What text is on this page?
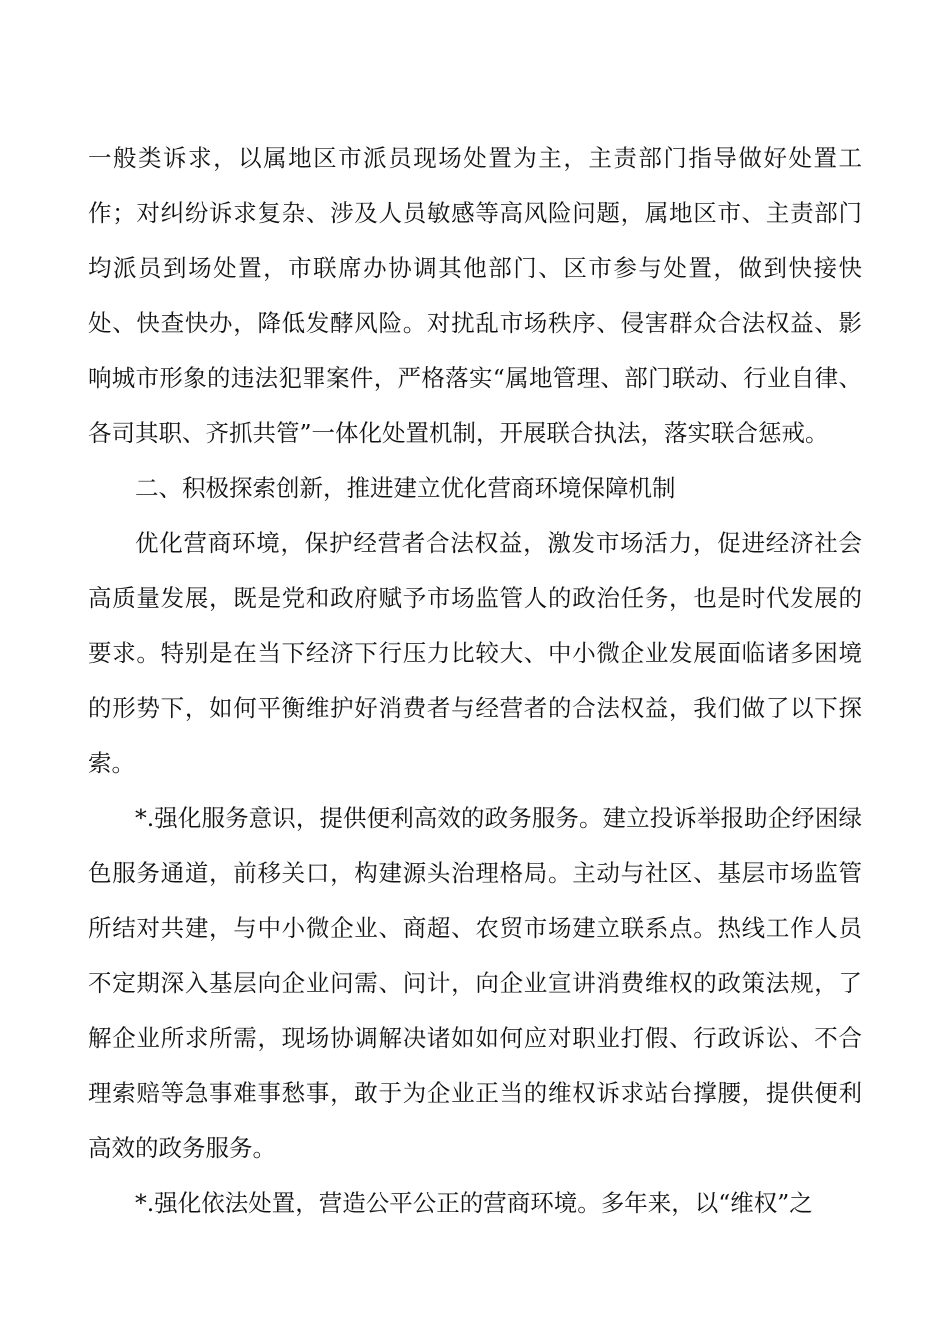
一般类诉求，以属地区市派员现场处置为主，主责部门指导做好处置工作；对纠纷诉求复杂、涉及人员敏感等高风险问题，属地区市、主责部门均派员到场处置，市联席办协调其他部门、区市参与处置，做到快接快处、快查快办，降低发酵风险。对扰乱市场秩序、侵害群众合法权益、影响城市形象的违法犯罪案件，严格落实“属地管理、部门联动、行业自律、各司其职、齐抓共管”一体化处置机制，开展联合执法，落实联合惩戒。

二、积极探索创新，推进建立优化营商环境保障机制

优化营商环境，保护经营者合法权益，激发市场活力，促进经济社会高质量发展，既是党和政府赋予市场监管人的政治任务，也是时代发展的要求。特别是在当下经济下行压力比较大、中小微企业发展面临诸多困境的形势下，如何平衡维护好消费者与经营者的合法权益，我们做了以下探索。

*.强化服务意识，提供便利高效的政务服务。建立投诉举报助企纾困绿色服务通道，前移关口，构建源头治理格局。主动与社区、基层市场监管所结对共建，与中小微企业、商超、农贸市场建立联系点。热线工作人员不定期深入基层向企业问需、问计，向企业宣讲消费维权的政策法规，了解企业所求所需，现场协调解决诸如如何应对职业打假、行政诉讼、不合理索赔等急事难事愁事，敢于为企业正当的维权诉求站台撑腰，提供便利高效的政务服务。

*.强化依法处置，营造公平公正的营商环境。多年来，以“维权”之
